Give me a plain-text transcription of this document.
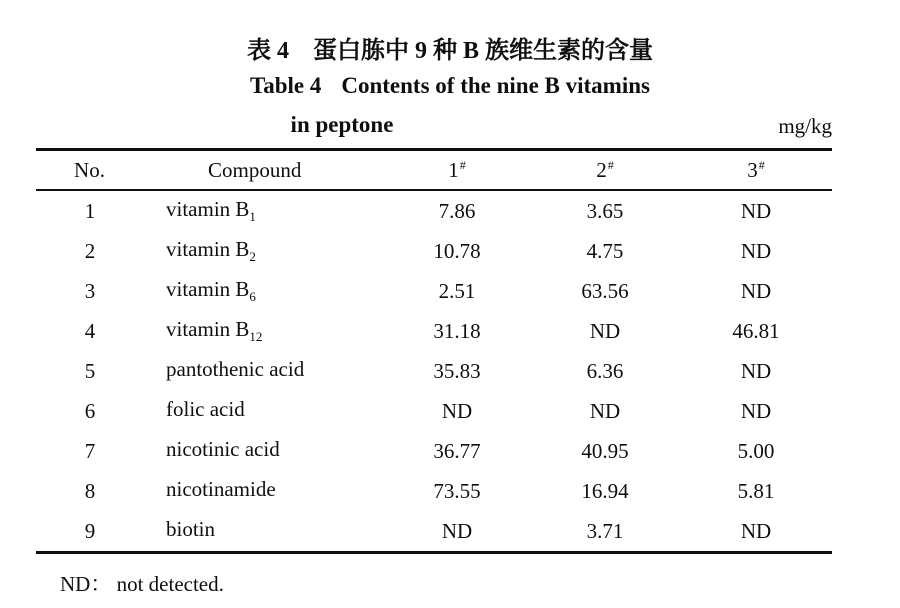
表 4 蛋白胨中 9 种 B 族维生素的含量
Table 4 Contents of the nine B vitamins
in peptone	mg/kg
No.	Compound	1#	2#	3#
1	vitamin $B_1$	7.86	3.65	ND
2	vitamin $B_2$	10.78	4.75	ND
3	vitamin $B_6$	2.51	63.56	ND
4	vitamin $B_{12}$	31.18	ND	46.81
5	pantothenic acid	35.83	6.36	ND
6	folic acid	ND	ND	ND
7	nicotinic acid	36.77	40.95	5.00
8	nicotinamide	73.55	16.94	5.81
9	biotin	ND	3.71	ND
ND： not detected.
